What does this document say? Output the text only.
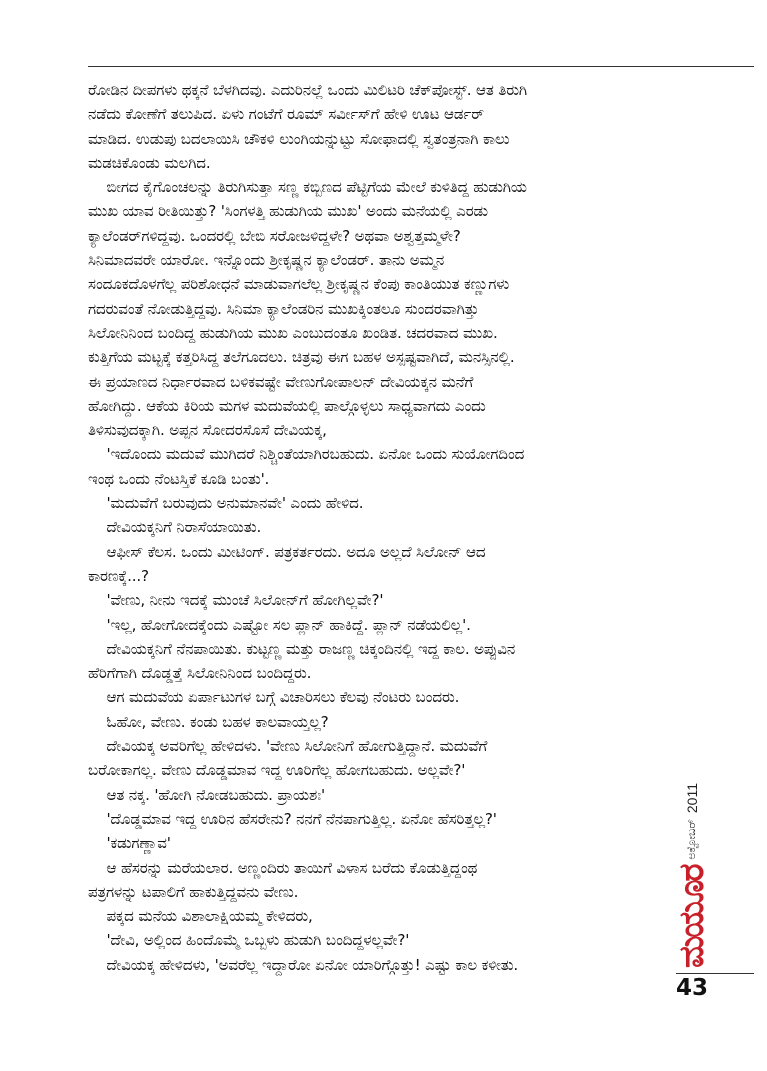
ರೋಡಿನ ದೀಪಗಳು ಥಕ್ಕನೆ ಬೆಳಗಿದವು. ಎದುರಿನಲ್ಲೆ ಒಂದು ಮಿಲಿಟರಿ ಚೆಕ್‌ಪೋಸ್ಟ್. ಆತ ತಿರುಗಿ

ನಡೆದು ಕೋಣೆಗೆ ತಲುಪಿದ. ಏಳು ಗಂಟೆಗೆ ರೂಮ್ ಸರ್ವೀಸ್‌ಗೆ ಹೇಳಿ ಊಟ ಆರ್ಡರ್

ಮಾಡಿದ. ಉಡುಪು ಬದಲಾಯಿಸಿ ಚೌಕಳಿ ಲುಂಗಿಯನ್ನುಟ್ಟು ಸೋಫಾದಲ್ಲಿ ಸ್ವತಂತ್ರನಾಗಿ ಕಾಲು

ಮಡಚಿಕೊಂಡು ಮಲಗಿದ.

ಬೀಗದ ಕೈಗೊಂಚಲನ್ನು ತಿರುಗಿಸುತ್ತಾ ಸಣ್ಣ ಕಬ್ಬಿಣದ ಪೆಟ್ಟಿಗೆಯ ಮೇಲೆ ಕುಳಿತಿದ್ದ ಹುಡುಗಿಯ

ಮುಖ ಯಾವ ರೀತಿಯಿತ್ತು? 'ಸಿಂಗಳತ್ತಿ ಹುಡುಗಿಯ ಮುಖ' ಅಂದು ಮನೆಯಲ್ಲಿ ಎರಡು

ಕ್ಯಾಲೆಂಡರ್‌ಗಳಿದ್ದವು. ಒಂದರಲ್ಲಿ ಬೇಬಿ ಸರೋಜಳಿದ್ದಳೇ? ಅಥವಾ ಅಶ್ವತ್ತಮ್ಮಳೇ?

ಸಿನಿಮಾದವರೇ ಯಾರೋ. ಇನ್ನೊಂದು ಶ್ರೀಕೃಷ್ಣನ ಕ್ಯಾಲೆಂಡರ್. ತಾನು ಅಮ್ಮನ

ಸಂದೂಕದೊಳಗೆಲ್ಲ ಪರಿಶೋಧನೆ ಮಾಡುವಾಗಲೆಲ್ಲ ಶ್ರೀಕೃಷ್ಣನ ಕೆಂಪು ಕಾಂತಿಯುತ ಕಣ್ಣುಗಳು

ಗದರುವಂತೆ ನೋಡುತ್ತಿದ್ದವು. ಸಿನಿಮಾ ಕ್ಯಾಲೆಂಡರಿನ ಮುಖಕ್ಕಿಂತಲೂ ಸುಂದರವಾಗಿತ್ತು

ಸಿಲೋನಿನಿಂದ ಬಂದಿದ್ದ ಹುಡುಗಿಯ ಮುಖ ಎಂಬುದಂತೂ ಖಂಡಿತ. ಚದರವಾದ ಮುಖ.

ಕುತ್ತಿಗೆಯ ಮಟ್ಟಕ್ಕೆ ಕತ್ತರಿಸಿದ್ದ ತಲೆಗೂದಲು. ಚಿತ್ರವು ಈಗ ಬಹಳ ಅಸ್ಪಷ್ಟವಾಗಿದೆ, ಮನಸ್ಸಿನಲ್ಲಿ.

ಈ ಪ್ರಯಾಣದ ನಿರ್ಧಾರವಾದ ಬಳಿಕವಷ್ಟೇ ವೇಣುಗೋಪಾಲನ್ ದೇವಿಯಕ್ಕನ ಮನೆಗೆ

ಹೋಗಿದ್ದು. ಆಕೆಯ ಕಿರಿಯ ಮಗಳ ಮದುವೆಯಲ್ಲಿ ಪಾಲ್ಗೊಳ್ಳಲು ಸಾಧ್ಯವಾಗದು ಎಂದು

ತಿಳಿಸುವುದಕ್ಕಾಗಿ. ಅಪ್ಪನ ಸೋದರಸೊಸೆ ದೇವಿಯಕ್ಕ,

'ಇದೊಂದು ಮದುವೆ ಮುಗಿದರೆ ನಿಶ್ಚಿಂತೆಯಾಗಿರಬಹುದು. ಏನೋ ಒಂದು ಸುಯೋಗದಿಂದ

ಇಂಥ ಒಂದು ನೆಂಟಸ್ತಿಕೆ ಕೂಡಿ ಬಂತು'.

'ಮದುವೆಗೆ ಬರುವುದು ಅನುಮಾನವೇ' ಎಂದು ಹೇಳಿದ.

ದೇವಿಯಕ್ಕನಿಗೆ ನಿರಾಸೆಯಾಯಿತು.

ಆಫೀಸ್ ಕೆಲಸ. ಒಂದು ಮೀಟಿಂಗ್. ಪತ್ರಕರ್ತರದು. ಅದೂ ಅಲ್ಲದೆ ಸಿಲೋನ್ ಆದ

ಕಾರಣಕ್ಕೆ...?

'ವೇಣು, ನೀನು ಇದಕ್ಕೆ ಮುಂಚೆ ಸಿಲೋನ್‌ಗೆ ಹೋಗಿಲ್ಲವೇ?'

'ಇಲ್ಲ, ಹೋಗೋದಕ್ಕೆಂದು ಎಷ್ಟೋ ಸಲ ಪ್ಲಾನ್ ಹಾಕಿದ್ದೆ. ಪ್ಲಾನ್ ನಡೆಯಲಿಲ್ಲ'.

ದೇವಿಯಕ್ಕನಿಗೆ ನೆನಪಾಯಿತು. ಕುಟ್ಟಣ್ಣ ಮತ್ತು ರಾಜಣ್ಣ ಚಿಕ್ಕಂದಿನಲ್ಲಿ ಇದ್ದ ಕಾಲ. ಅಪ್ಪುವಿನ

ಹೆರಿಗೆಗಾಗಿ ದೊಡ್ಡತ್ತೆ ಸಿಲೋನಿನಿಂದ ಬಂದಿದ್ದರು.

ಆಗ ಮದುವೆಯ ಏರ್ಪಾಟುಗಳ ಬಗ್ಗೆ ವಿಚಾರಿಸಲು ಕೆಲವು ನೆಂಟರು ಬಂದರು.

ಓಹೋ, ವೇಣು. ಕಂಡು ಬಹಳ ಕಾಲವಾಯ್ತಲ್ಲ?

ದೇವಿಯಕ್ಕ ಅವರಿಗೆಲ್ಲ ಹೇಳಿದಳು. 'ವೇಣು ಸಿಲೋನಿಗೆ ಹೋಗುತ್ತಿದ್ದಾನೆ. ಮದುವೆಗೆ

ಬರೋಕಾಗಲ್ಲ. ವೇಣು ದೊಡ್ಡಮಾವ ಇದ್ದ ಊರಿಗೆಲ್ಲ ಹೋಗಬಹುದು. ಅಲ್ಲವೇ?'

ಆತ ನಕ್ಕ. 'ಹೋಗಿ ನೋಡಬಹುದು. ಪ್ರಾಯಶಃ'

'ದೊಡ್ಡಮಾವ ಇದ್ದ ಊರಿನ ಹೆಸರೇನು? ನನಗೆ ನೆನಪಾಗುತ್ತಿಲ್ಲ. ಏನೋ ಹೆಸರಿತ್ತಲ್ಲ?'

'ಕಡುಗಣ್ಣಾವ'

ಆ ಹೆಸರನ್ನು ಮರೆಯಲಾರ. ಅಣ್ಣಂದಿರು ತಾಯಿಗೆ ವಿಳಾಸ ಬರೆದು ಕೊಡುತ್ತಿದ್ದಂಥ

ಪತ್ರಗಳನ್ನು ಟಪಾಲಿಗೆ ಹಾಕುತ್ತಿದ್ದವನು ವೇಣು.

ಪಕ್ಕದ ಮನೆಯ ವಿಶಾಲಾಕ್ಷಿಯಮ್ಮ ಕೇಳಿದರು,

'ದೇವಿ, ಅಲ್ಲಿಂದ ಹಿಂದೊಮ್ಮೆ ಒಬ್ಬಳು ಹುಡುಗಿ ಬಂದಿದ್ದಳಲ್ಲವೇ?'

ದೇವಿಯಕ್ಕ ಹೇಳಿದಳು, 'ಅವರೆಲ್ಲ ಇದ್ದಾರೋ ಏನೋ ಯಾರಿಗ್ಗೊತ್ತು! ಎಷ್ಟು ಕಾಲ ಕಳೀತು.	ಮಯೂರ
ಅಕ್ಟೋಬರ್
2011
43
